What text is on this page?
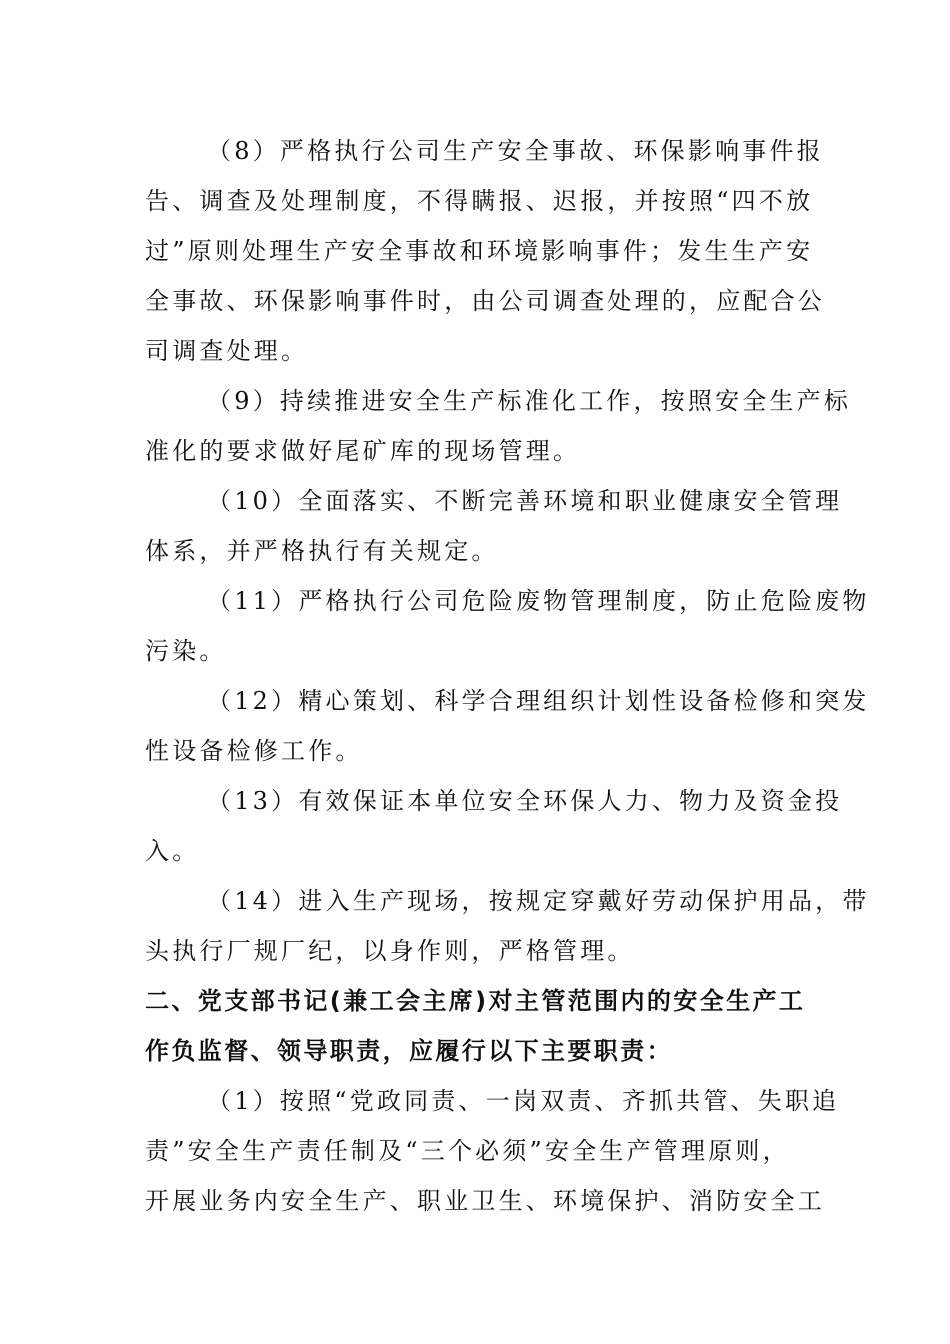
（8）严格执行公司生产安全事故、环保影响事件报

告、调查及处理制度，不得瞒报、迟报，并按照“四不放

过”原则处理生产安全事故和环境影响事件；发生生产安

全事故、环保影响事件时，由公司调查处理的，应配合公

司调查处理。

（9）持续推进安全生产标准化工作，按照安全生产标

准化的要求做好尾矿库的现场管理。

（10）全面落实、不断完善环境和职业健康安全管理

体系，并严格执行有关规定。

（11）严格执行公司危险废物管理制度，防止危险废物

污染。

（12）精心策划、科学合理组织计划性设备检修和突发

性设备检修工作。

（13）有效保证本单位安全环保人力、物力及资金投

入。

（14）进入生产现场，按规定穿戴好劳动保护用品，带

头执行厂规厂纪，以身作则，严格管理。

二、党支部书记(兼工会主席)对主管范围内的安全生产工

作负监督、领导职责，应履行以下主要职责：

（1）按照“党政同责、一岗双责、齐抓共管、失职追

责”安全生产责任制及“三个必须”安全生产管理原则，

开展业务内安全生产、职业卫生、环境保护、消防安全工
